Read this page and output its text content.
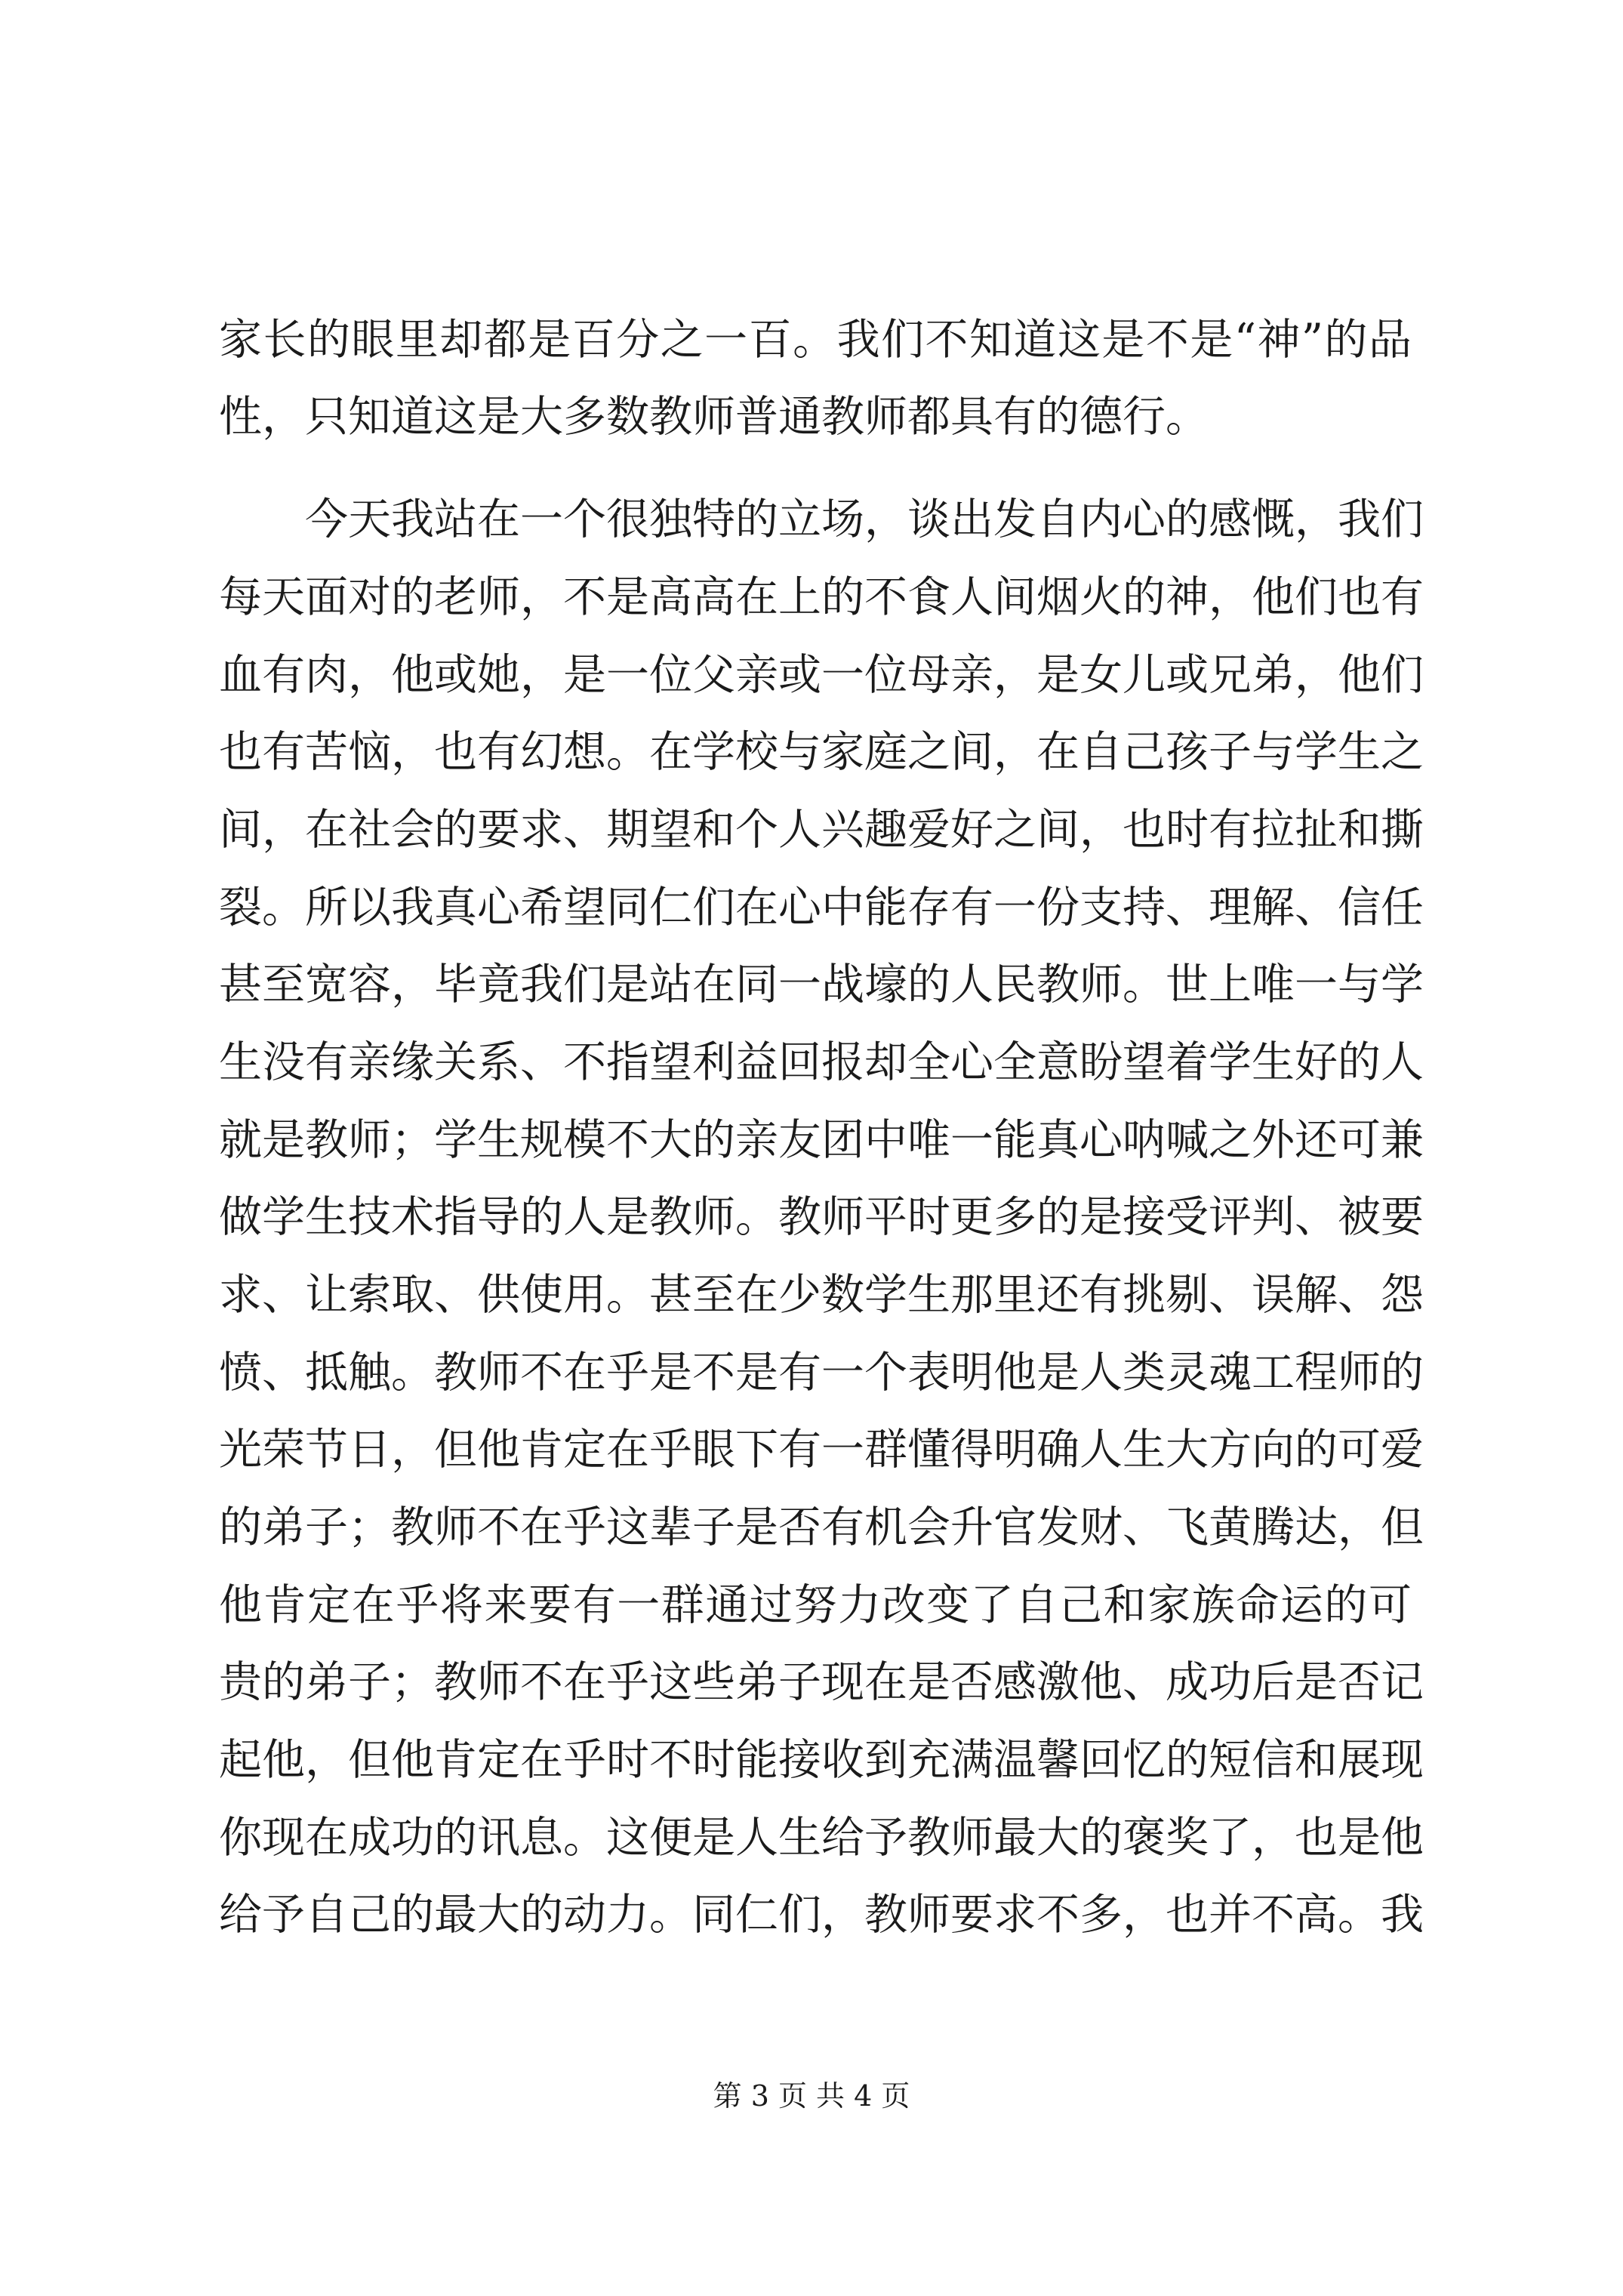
家长的眼里却都是百分之一百。我们不知道这是不是“神”的品
性，只知道这是大多数教师普通教师都具有的德行。
今天我站在一个很独特的立场，谈出发自内心的感慨，我们
每天面对的老师，不是高高在上的不食人间烟火的神，他们也有
血有肉，他或她，是一位父亲或一位母亲，是女儿或兄弟，他们
也有苦恼，也有幻想。在学校与家庭之间，在自己孩子与学生之
间，在社会的要求、期望和个人兴趣爱好之间，也时有拉扯和撕
裂。所以我真心希望同仁们在心中能存有一份支持、理解、信任
甚至宽容，毕竟我们是站在同一战壕的人民教师。世上唯一与学
生没有亲缘关系、不指望利益回报却全心全意盼望着学生好的人
就是教师；学生规模不大的亲友团中唯一能真心呐喊之外还可兼
做学生技术指导的人是教师。教师平时更多的是接受评判、被要
求、让索取、供使用。甚至在少数学生那里还有挑剔、误解、怨
愤、抵触。教师不在乎是不是有一个表明他是人类灵魂工程师的
光荣节日，但他肯定在乎眼下有一群懂得明确人生大方向的可爱
的弟子；教师不在乎这辈子是否有机会升官发财、飞黄腾达，但
他肯定在乎将来要有一群通过努力改变了自己和家族命运的可
贵的弟子；教师不在乎这些弟子现在是否感激他、成功后是否记
起他，但他肯定在乎时不时能接收到充满温馨回忆的短信和展现
你现在成功的讯息。这便是人生给予教师最大的褒奖了，也是他
给予自己的最大的动力。同仁们，教师要求不多，也并不高。我
第 3 页 共 4 页
